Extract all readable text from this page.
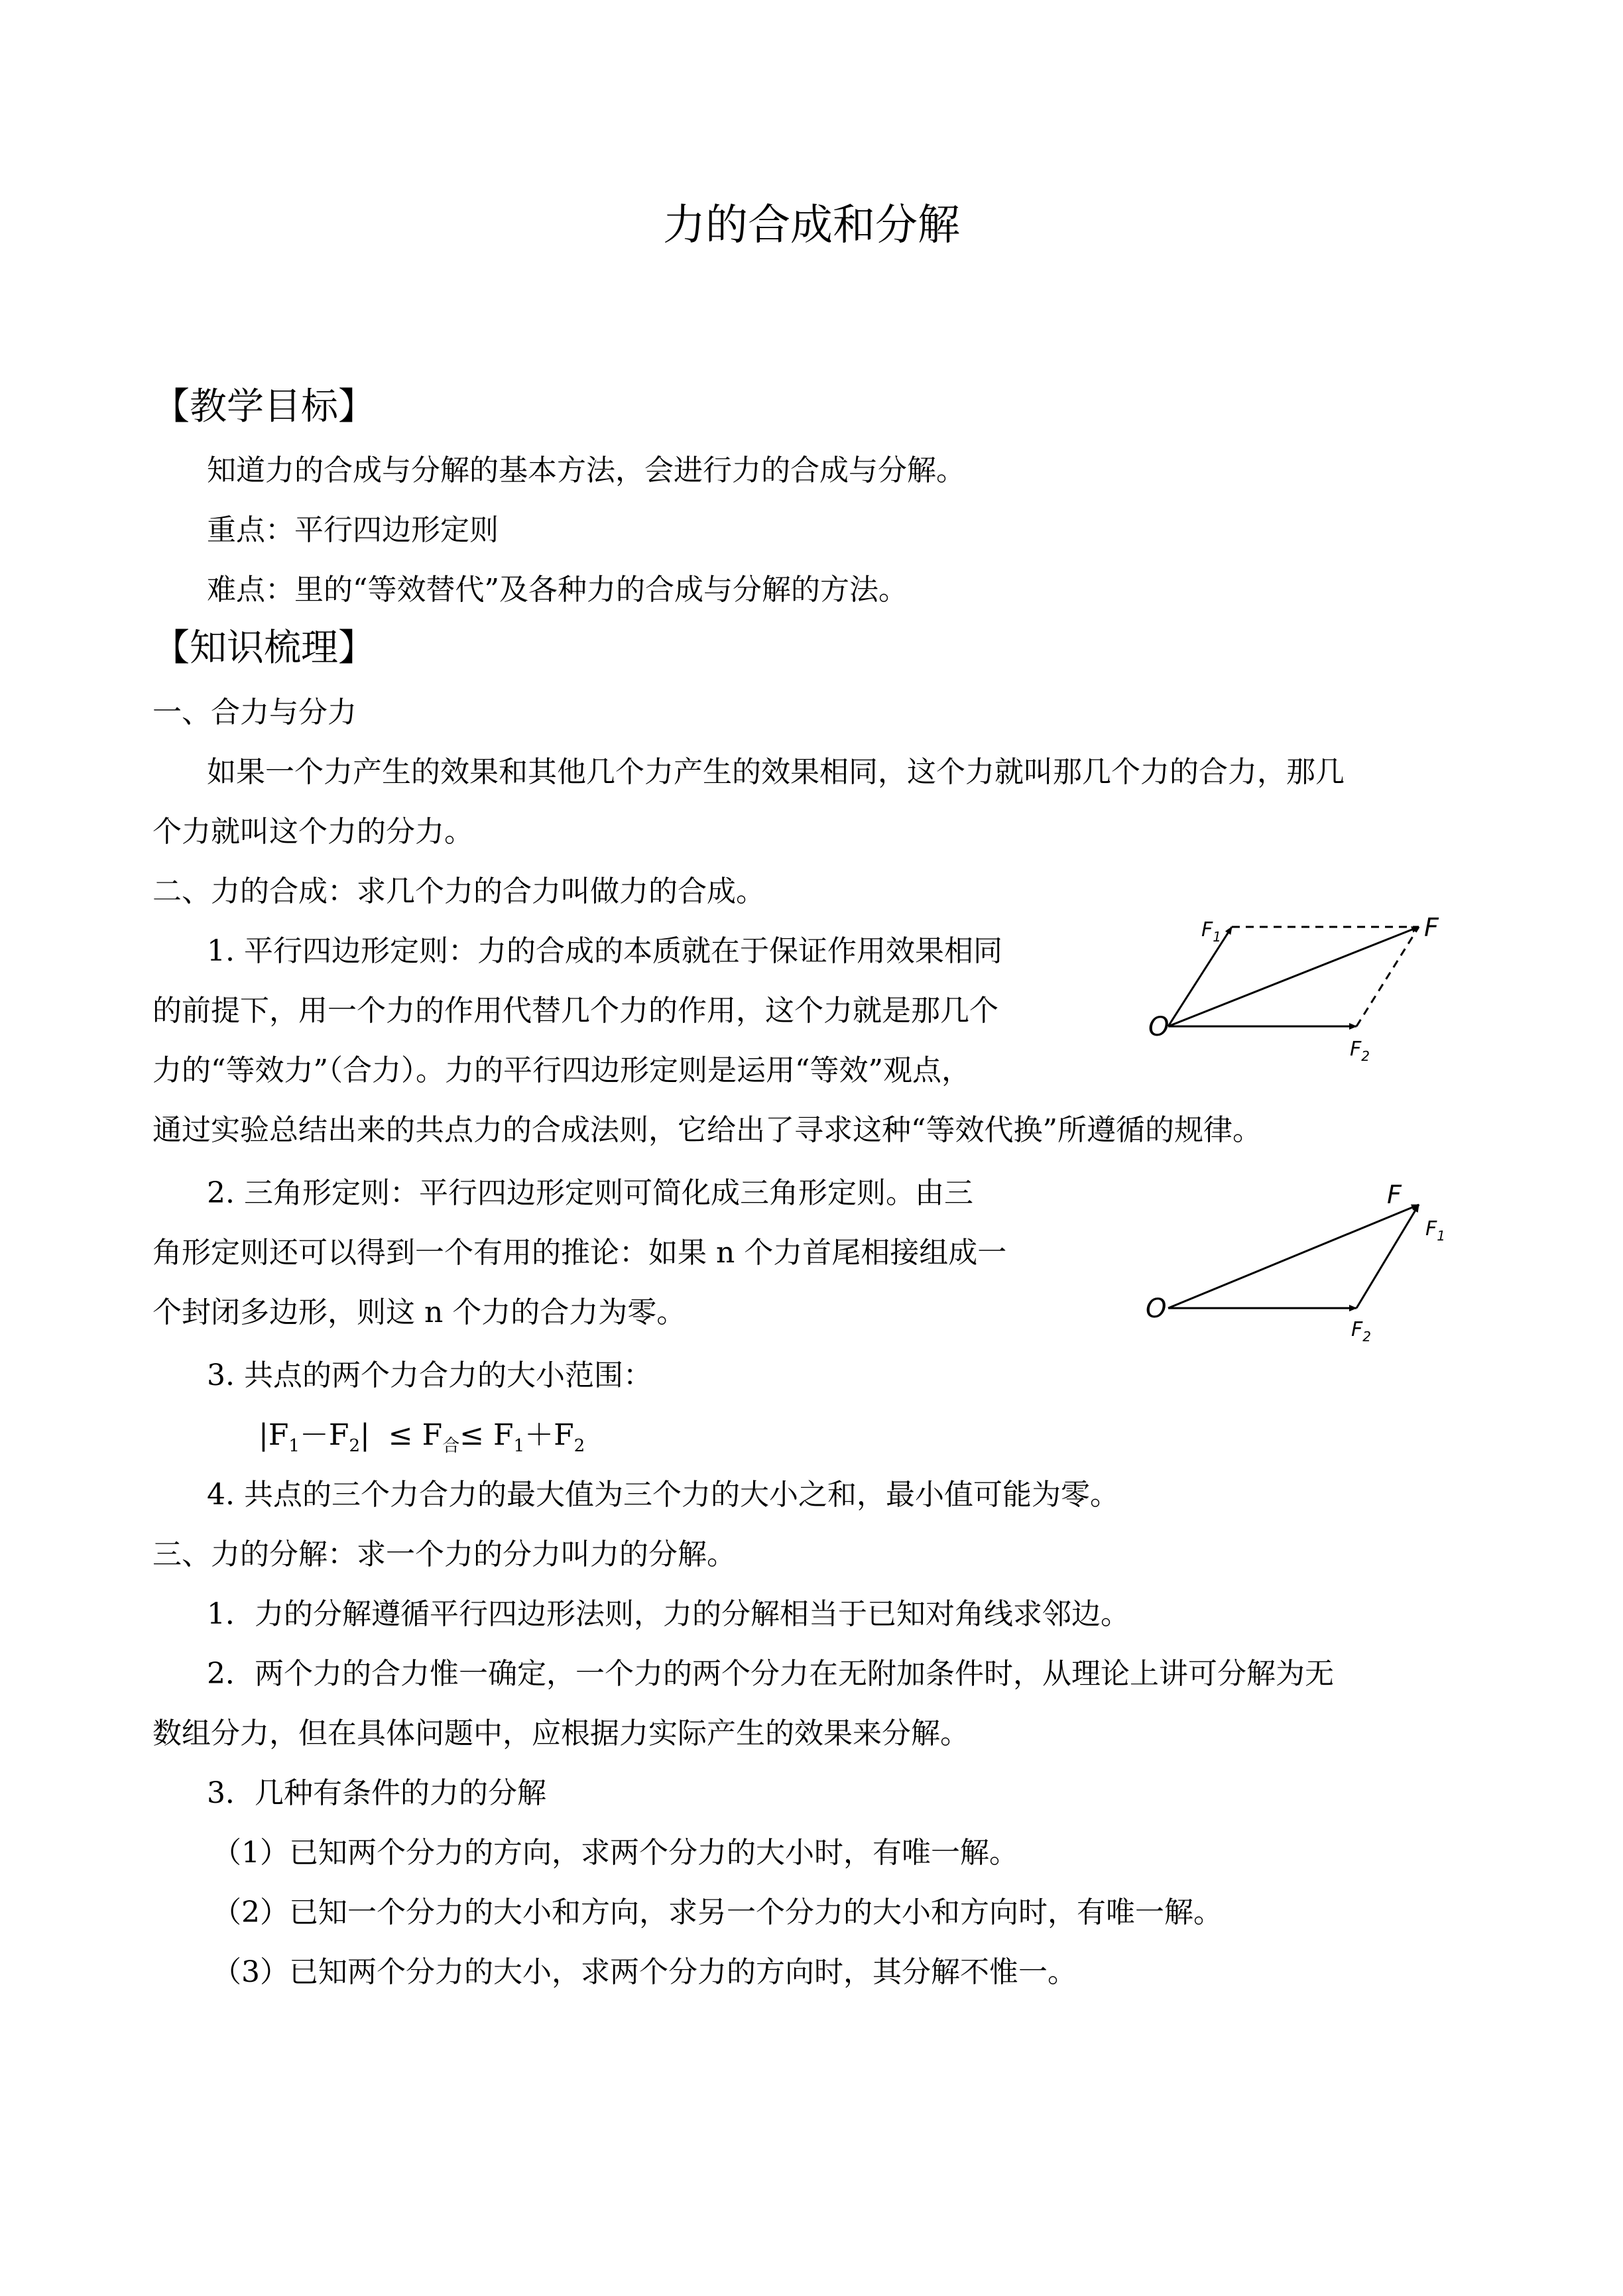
力的合成和分解
【教学目标】
知道力的合成与分解的基本方法，会进行力的合成与分解。
重点：平行四边形定则
难点：里的“等效替代”及各种力的合成与分解的方法。
【知识梳理】
一、合力与分力
如果一个力产生的效果和其他几个力产生的效果相同，这个力就叫那几个力的合力，那几
个力就叫这个力的分力。
二、力的合成：求几个力的合力叫做力的合成。
1. 平行四边形定则：力的合成的本质就在于保证作用效果相同
的前提下，用一个力的作用代替几个力的作用，这个力就是那几个
力的“等效力”（合力）。力的平行四边形定则是运用“等效”观点，
通过实验总结出来的共点力的合成法则，它给出了寻求这种“等效代换”所遵循的规律。
2. 三角形定则：平行四边形定则可简化成三角形定则。由三
角形定则还可以得到一个有用的推论：如果 n 个力首尾相接组成一
个封闭多边形，则这 n 个力的合力为零。
3. 共点的两个力合力的大小范围：
$|F_1-F_2| \le F_合\le F_1+F_2$
4. 共点的三个力合力的最大值为三个力的大小之和，最小值可能为零。
三、力的分解：求一个力的分力叫力的分解。
1．力的分解遵循平行四边形法则，力的分解相当于已知对角线求邻边。
2．两个力的合力惟一确定，一个力的两个分力在无附加条件时，从理论上讲可分解为无
数组分力，但在具体问题中，应根据力实际产生的效果来分解。
3．几种有条件的力的分解
（1）已知两个分力的方向，求两个分力的大小时，有唯一解。
（2）已知一个分力的大小和方向，求另一个分力的大小和方向时，有唯一解。
（3）已知两个分力的大小，求两个分力的方向时，其分解不惟一。
O
F
$F_1$
$F_2$
O
F
$F_1$
$F_2$
